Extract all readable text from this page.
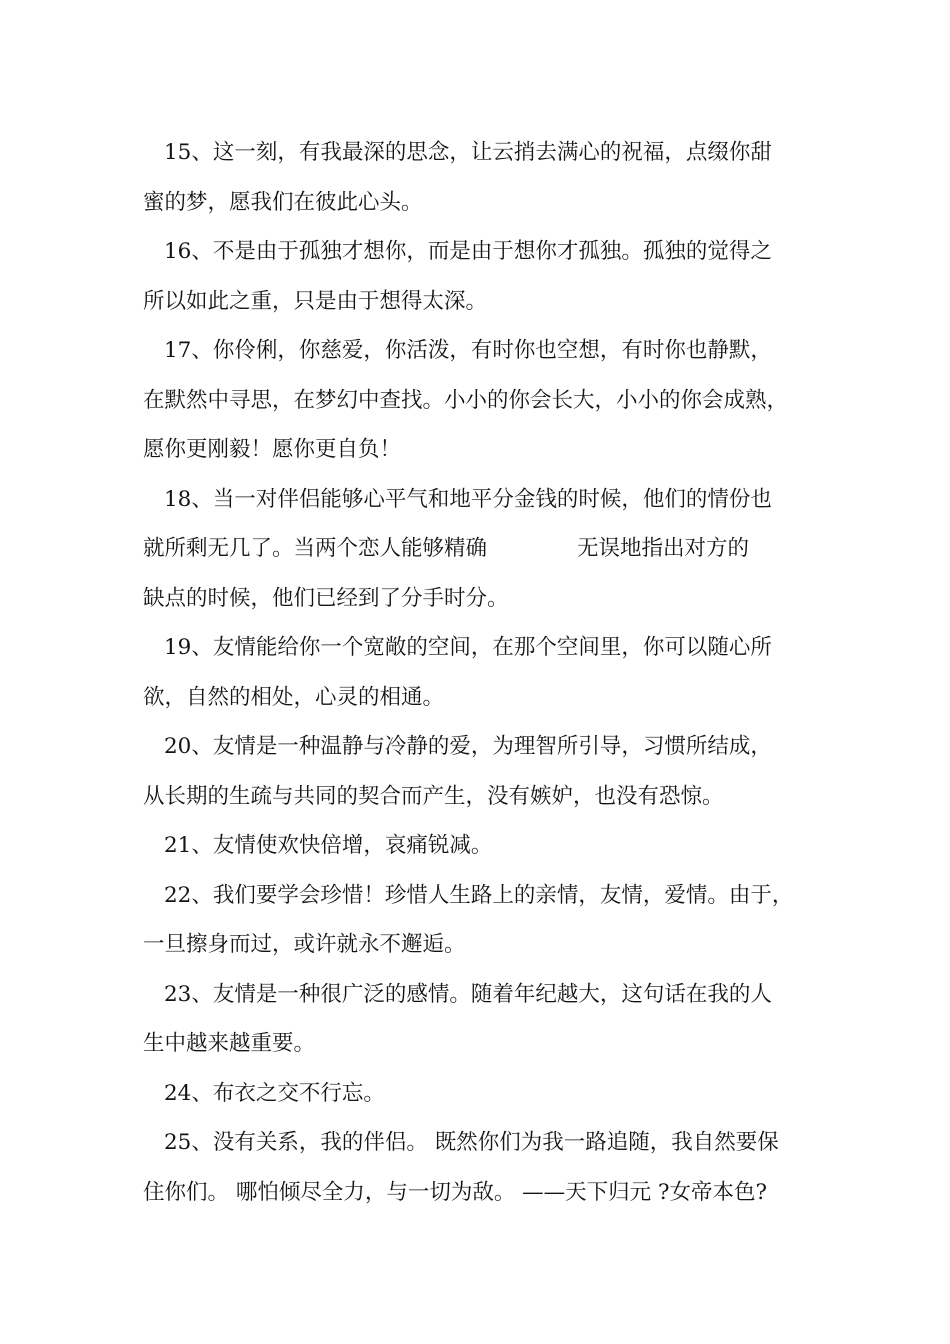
15、这一刻，有我最深的思念，让云捎去满心的祝福，点缀你甜
蜜的梦，愿我们在彼此心头。

16、不是由于孤独才想你，而是由于想你才孤独。孤独的觉得之
所以如此之重，只是由于想得太深。

17、你伶俐，你慈爱，你活泼，有时你也空想，有时你也静默，
在默然中寻思，在梦幻中查找。小小的你会长大，小小的你会成熟，
愿你更刚毅！愿你更自负！

18、当一对伴侣能够心平气和地平分金钱的时候，他们的情份也
就所剩无几了。当两个恋人能够精确	无误地指出对方的
缺点的时候，他们已经到了分手时分。

19、友情能给你一个宽敞的空间，在那个空间里，你可以随心所
欲，自然的相处，心灵的相通。

20、友情是一种温静与冷静的爱，为理智所引导，习惯所结成，
从长期的生疏与共同的契合而产生，没有嫉妒，也没有恐惊。

21、友情使欢快倍增，哀痛锐减。

22、我们要学会珍惜！珍惜人生路上的亲情，友情，爱情。由于，
一旦擦身而过，或许就永不邂逅。

23、友情是一种很广泛的感情。随着年纪越大，这句话在我的人
生中越来越重要。

24、布衣之交不行忘。

25、没有关系，我的伴侣。 既然你们为我一路追随，我自然要保
住你们。 哪怕倾尽全力，与一切为敌。 ——天下归元 ?女帝本色?
